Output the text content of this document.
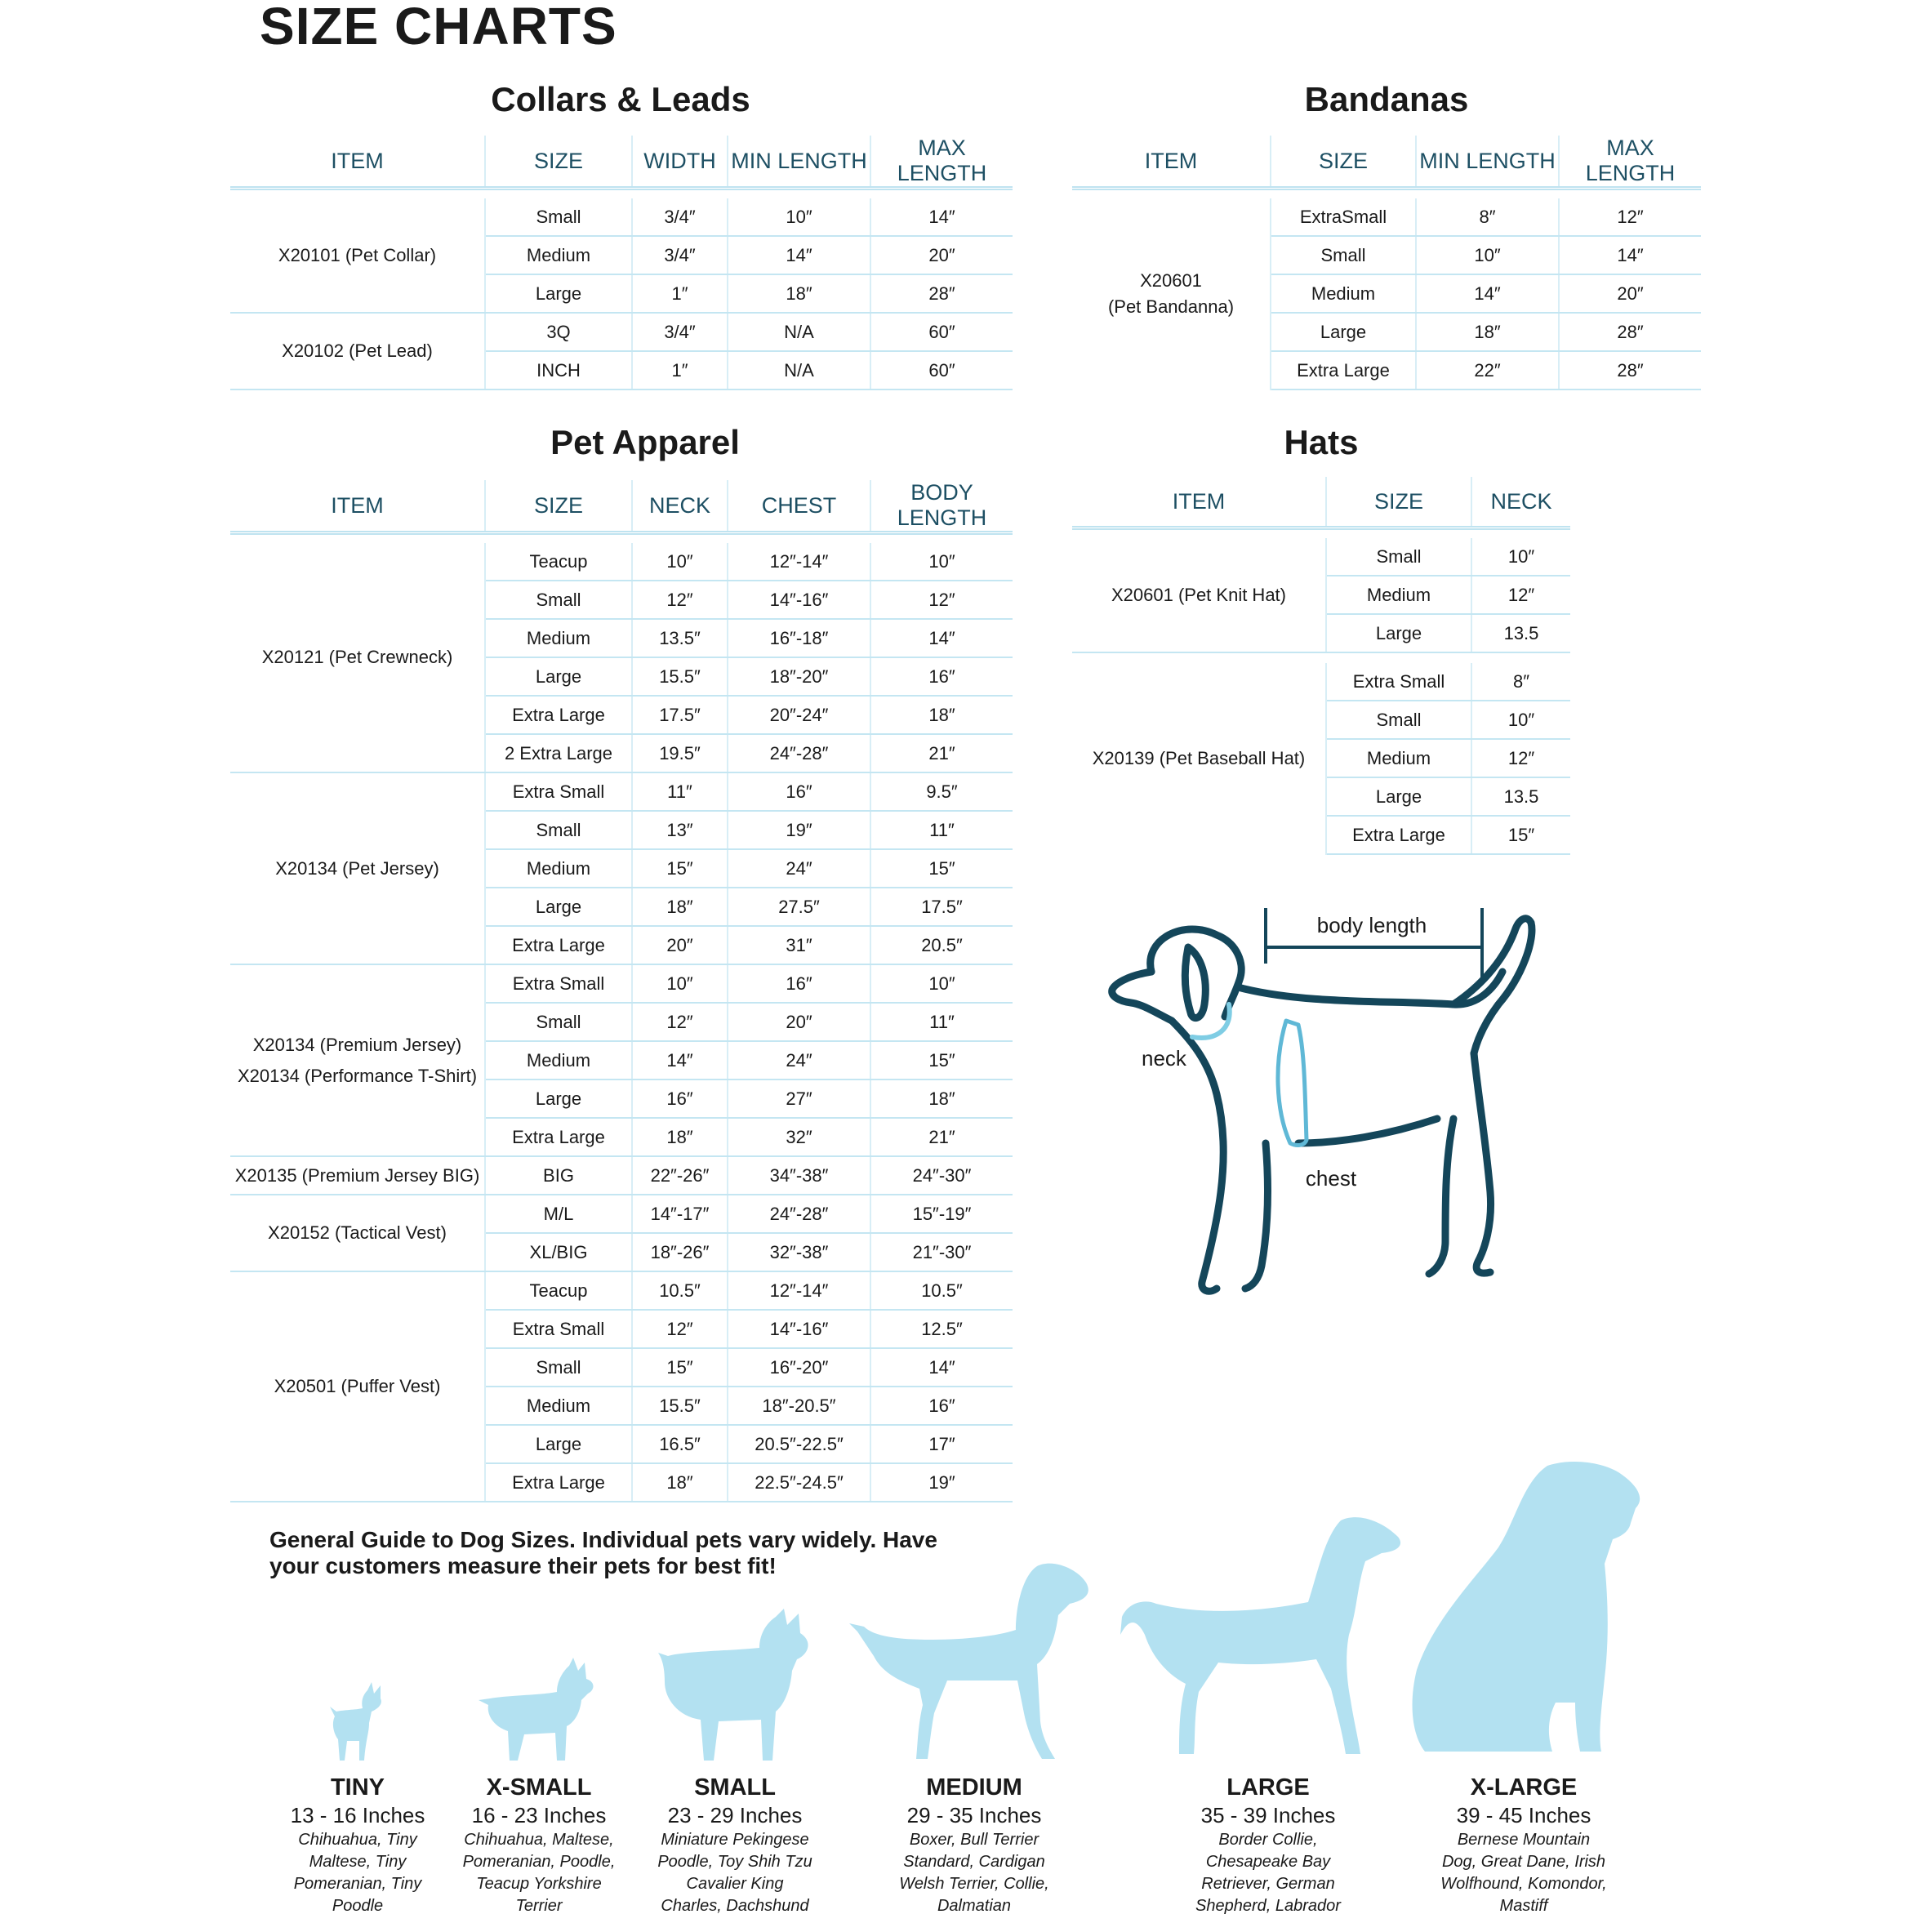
SIZE CHARTS
Collars & Leads
ITEM	SIZE	WIDTH	MIN LENGTH	MAX LENGTH

X20101 (Pet Collar)	Small	3/4″	10″	14″
	Medium	3/4″	14″	20″
	Large	1″	18″	28″
X20102 (Pet Lead)	3Q	3/4″	N/A	60″
	INCH	1″	N/A	60″
Bandanas
ITEM	SIZE	MIN LENGTH	MAX LENGTH

X20601
(Pet Bandanna)	ExtraSmall	8″	12″
	Small	10″	14″
	Medium	14″	20″
	Large	18″	28″
	Extra Large	22″	28″
Pet Apparel
ITEM	SIZE	NECK	CHEST	BODY LENGTH

X20121 (Pet Crewneck)	Teacup	10″	12″-14″	10″
	Small	12″	14″-16″	12″
	Medium	13.5″	16″-18″	14″
	Large	15.5″	18″-20″	16″
	Extra Large	17.5″	20″-24″	18″
	2 Extra Large	19.5″	24″-28″	21″
X20134 (Pet Jersey)	Extra Small	11″	16″	9.5″
	Small	13″	19″	11″
	Medium	15″	24″	15″
	Large	18″	27.5″	17.5″
	Extra Large	20″	31″	20.5″

X20134 (Premium Jersey)
X20134 (Performance T-Shirt)	Extra Small	10″	16″	10″
	Small	12″	20″	11″
	Medium	14″	24″	15″
	Large	16″	27″	18″
	Extra Large	18″	32″	21″
X20135 (Premium Jersey BIG)	BIG	22″-26″	34″-38″	24″-30″
X20152 (Tactical Vest)	M/L	14″-17″	24″-28″	15″-19″
	XL/BIG	18″-26″	32″-38″	21″-30″
X20501 (Puffer Vest)	Teacup	10.5″	12″-14″	10.5″
	Extra Small	12″	14″-16″	12.5″
	Small	15″	16″-20″	14″
	Medium	15.5″	18″-20.5″	16″
	Large	16.5″	20.5″-22.5″	17″
	Extra Large	18″	22.5″-24.5″	19″
Hats
ITEM	SIZE	NECK

X20601 (Pet Knit Hat)	Small	10″
	Medium	12″
	Large	13.5

X20139 (Pet Baseball Hat)	Extra Small	8″
	Small	10″
	Medium	12″
	Large	13.5
	Extra Large	15″
body length
neck
chest
General Guide to Dog Sizes. Individual pets vary widely. Have
your customers measure their pets for best fit!
TINY
13 - 16 Inches
Chihuahua, Tiny
Maltese, Tiny
Pomeranian, Tiny
Poodle
X-SMALL
16 - 23 Inches
Chihuahua, Maltese,
Pomeranian, Poodle,
Teacup Yorkshire
Terrier
SMALL
23 - 29 Inches
Miniature Pekingese
Poodle, Toy Shih Tzu
Cavalier King
Charles, Dachshund
MEDIUM
29 - 35 Inches
Boxer, Bull Terrier
Standard, Cardigan
Welsh Terrier, Collie,
Dalmatian
LARGE
35 - 39 Inches
Border Collie,
Chesapeake Bay
Retriever, German
Shepherd, Labrador
X-LARGE
39 - 45 Inches
Bernese Mountain
Dog, Great Dane, Irish
Wolfhound, Komondor,
Mastiff
